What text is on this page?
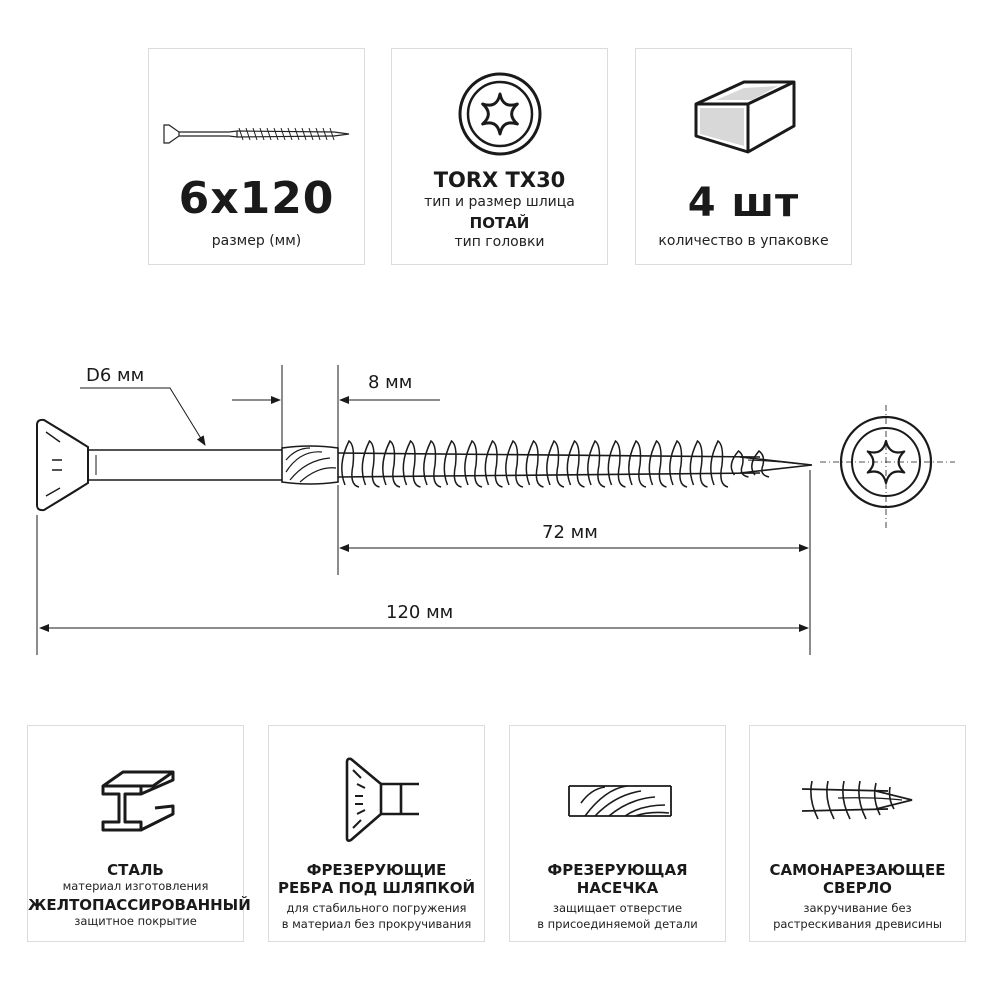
6x120
размер (мм)
TORX TX30
тип и размер шлица
ПОТАЙ
тип головки
4 шт
количество в упаковке
D6 мм	8 мм
72 мм
120 мм
СТАЛЬ
материал изготовления
ЖЕЛТОПАССИРОВАННЫЙ
защитное покрытие
ФРЕЗЕРУЮЩИЕ
РЕБРА ПОД ШЛЯПКОЙ
для стабильного погружения
в материал без прокручивания
ФРЕЗЕРУЮЩАЯ
НАСЕЧКА
защищает отверстие
в присоединяемой детали
САМОНАРЕЗАЮЩЕЕ
СВЕРЛО
закручивание без
растрескивания древисины
